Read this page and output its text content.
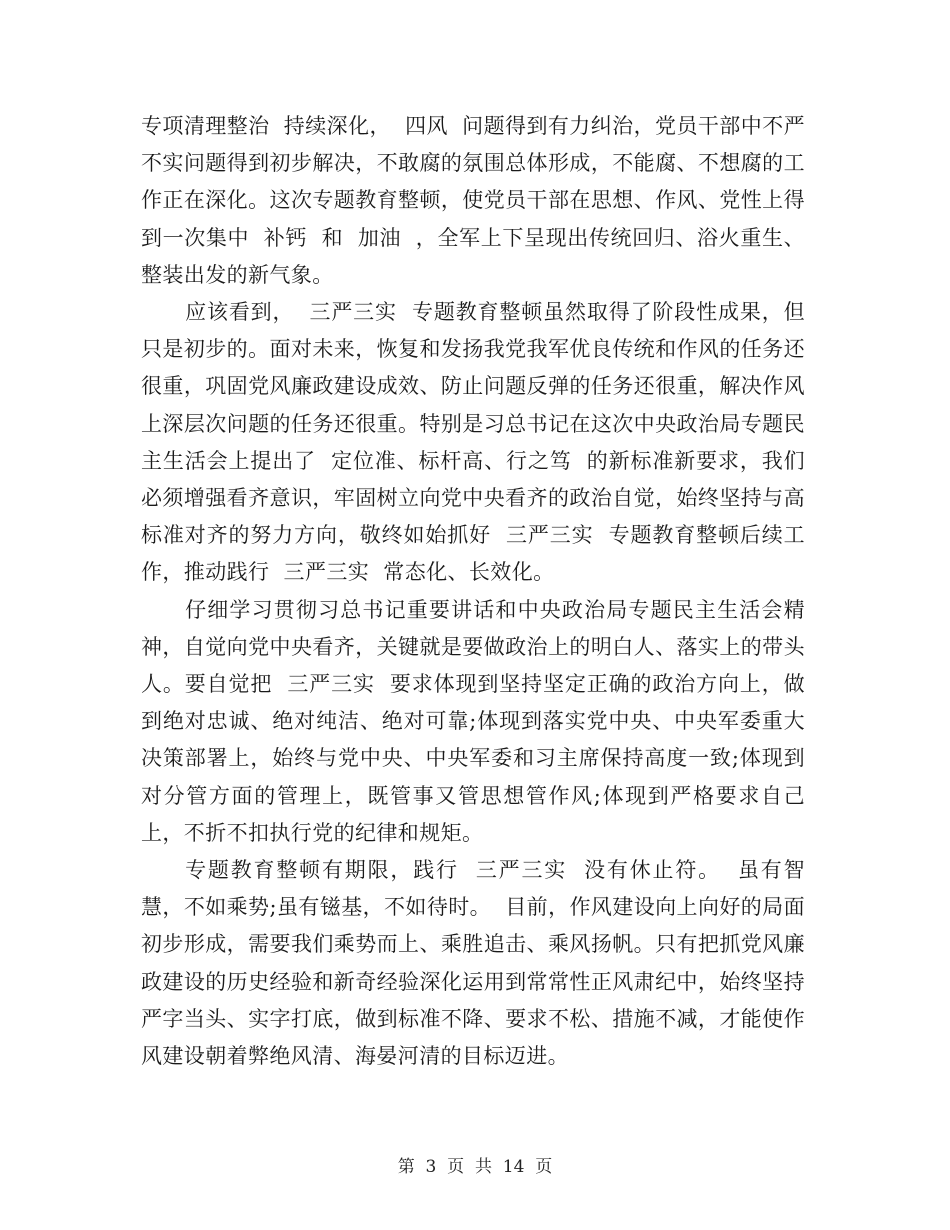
专项清理整治  持续深化，  四风  问题得到有力纠治，党员干部中不严不实问题得到初步解决，不敢腐的氛围总体形成，不能腐、不想腐的工作正在深化。这次专题教育整顿，使党员干部在思想、作风、党性上得到一次集中  补钙  和  加油  ，全军上下呈现出传统回归、浴火重生、整装出发的新气象。

应该看到，  三严三实  专题教育整顿虽然取得了阶段性成果，但只是初步的。面对未来，恢复和发扬我党我军优良传统和作风的任务还很重，巩固党风廉政建设成效、防止问题反弹的任务还很重，解决作风上深层次问题的任务还很重。特别是习总书记在这次中央政治局专题民主生活会上提出了  定位准、标杆高、行之笃  的新标准新要求，我们必须增强看齐意识，牢固树立向党中央看齐的政治自觉，始终坚持与高标准对齐的努力方向，敬终如始抓好  三严三实  专题教育整顿后续工作，推动践行  三严三实  常态化、长效化。

仔细学习贯彻习总书记重要讲话和中央政治局专题民主生活会精神，自觉向党中央看齐，关键就是要做政治上的明白人、落实上的带头人。要自觉把  三严三实  要求体现到坚持坚定正确的政治方向上，做到绝对忠诚、绝对纯洁、绝对可靠;体现到落实党中央、中央军委重大决策部署上，始终与党中央、中央军委和习主席保持高度一致;体现到对分管方面的管理上，既管事又管思想管作风;体现到严格要求自己上，不折不扣执行党的纪律和规矩。

专题教育整顿有期限，践行  三严三实  没有休止符。  虽有智慧，不如乘势;虽有镃基，不如待时。  目前，作风建设向上向好的局面初步形成，需要我们乘势而上、乘胜追击、乘风扬帆。只有把抓党风廉政建设的历史经验和新奇经验深化运用到常常性正风肃纪中，始终坚持严字当头、实字打底，做到标准不降、要求不松、措施不减，才能使作风建设朝着弊绝风清、海晏河清的目标迈进。

第  3  页  共  14  页
